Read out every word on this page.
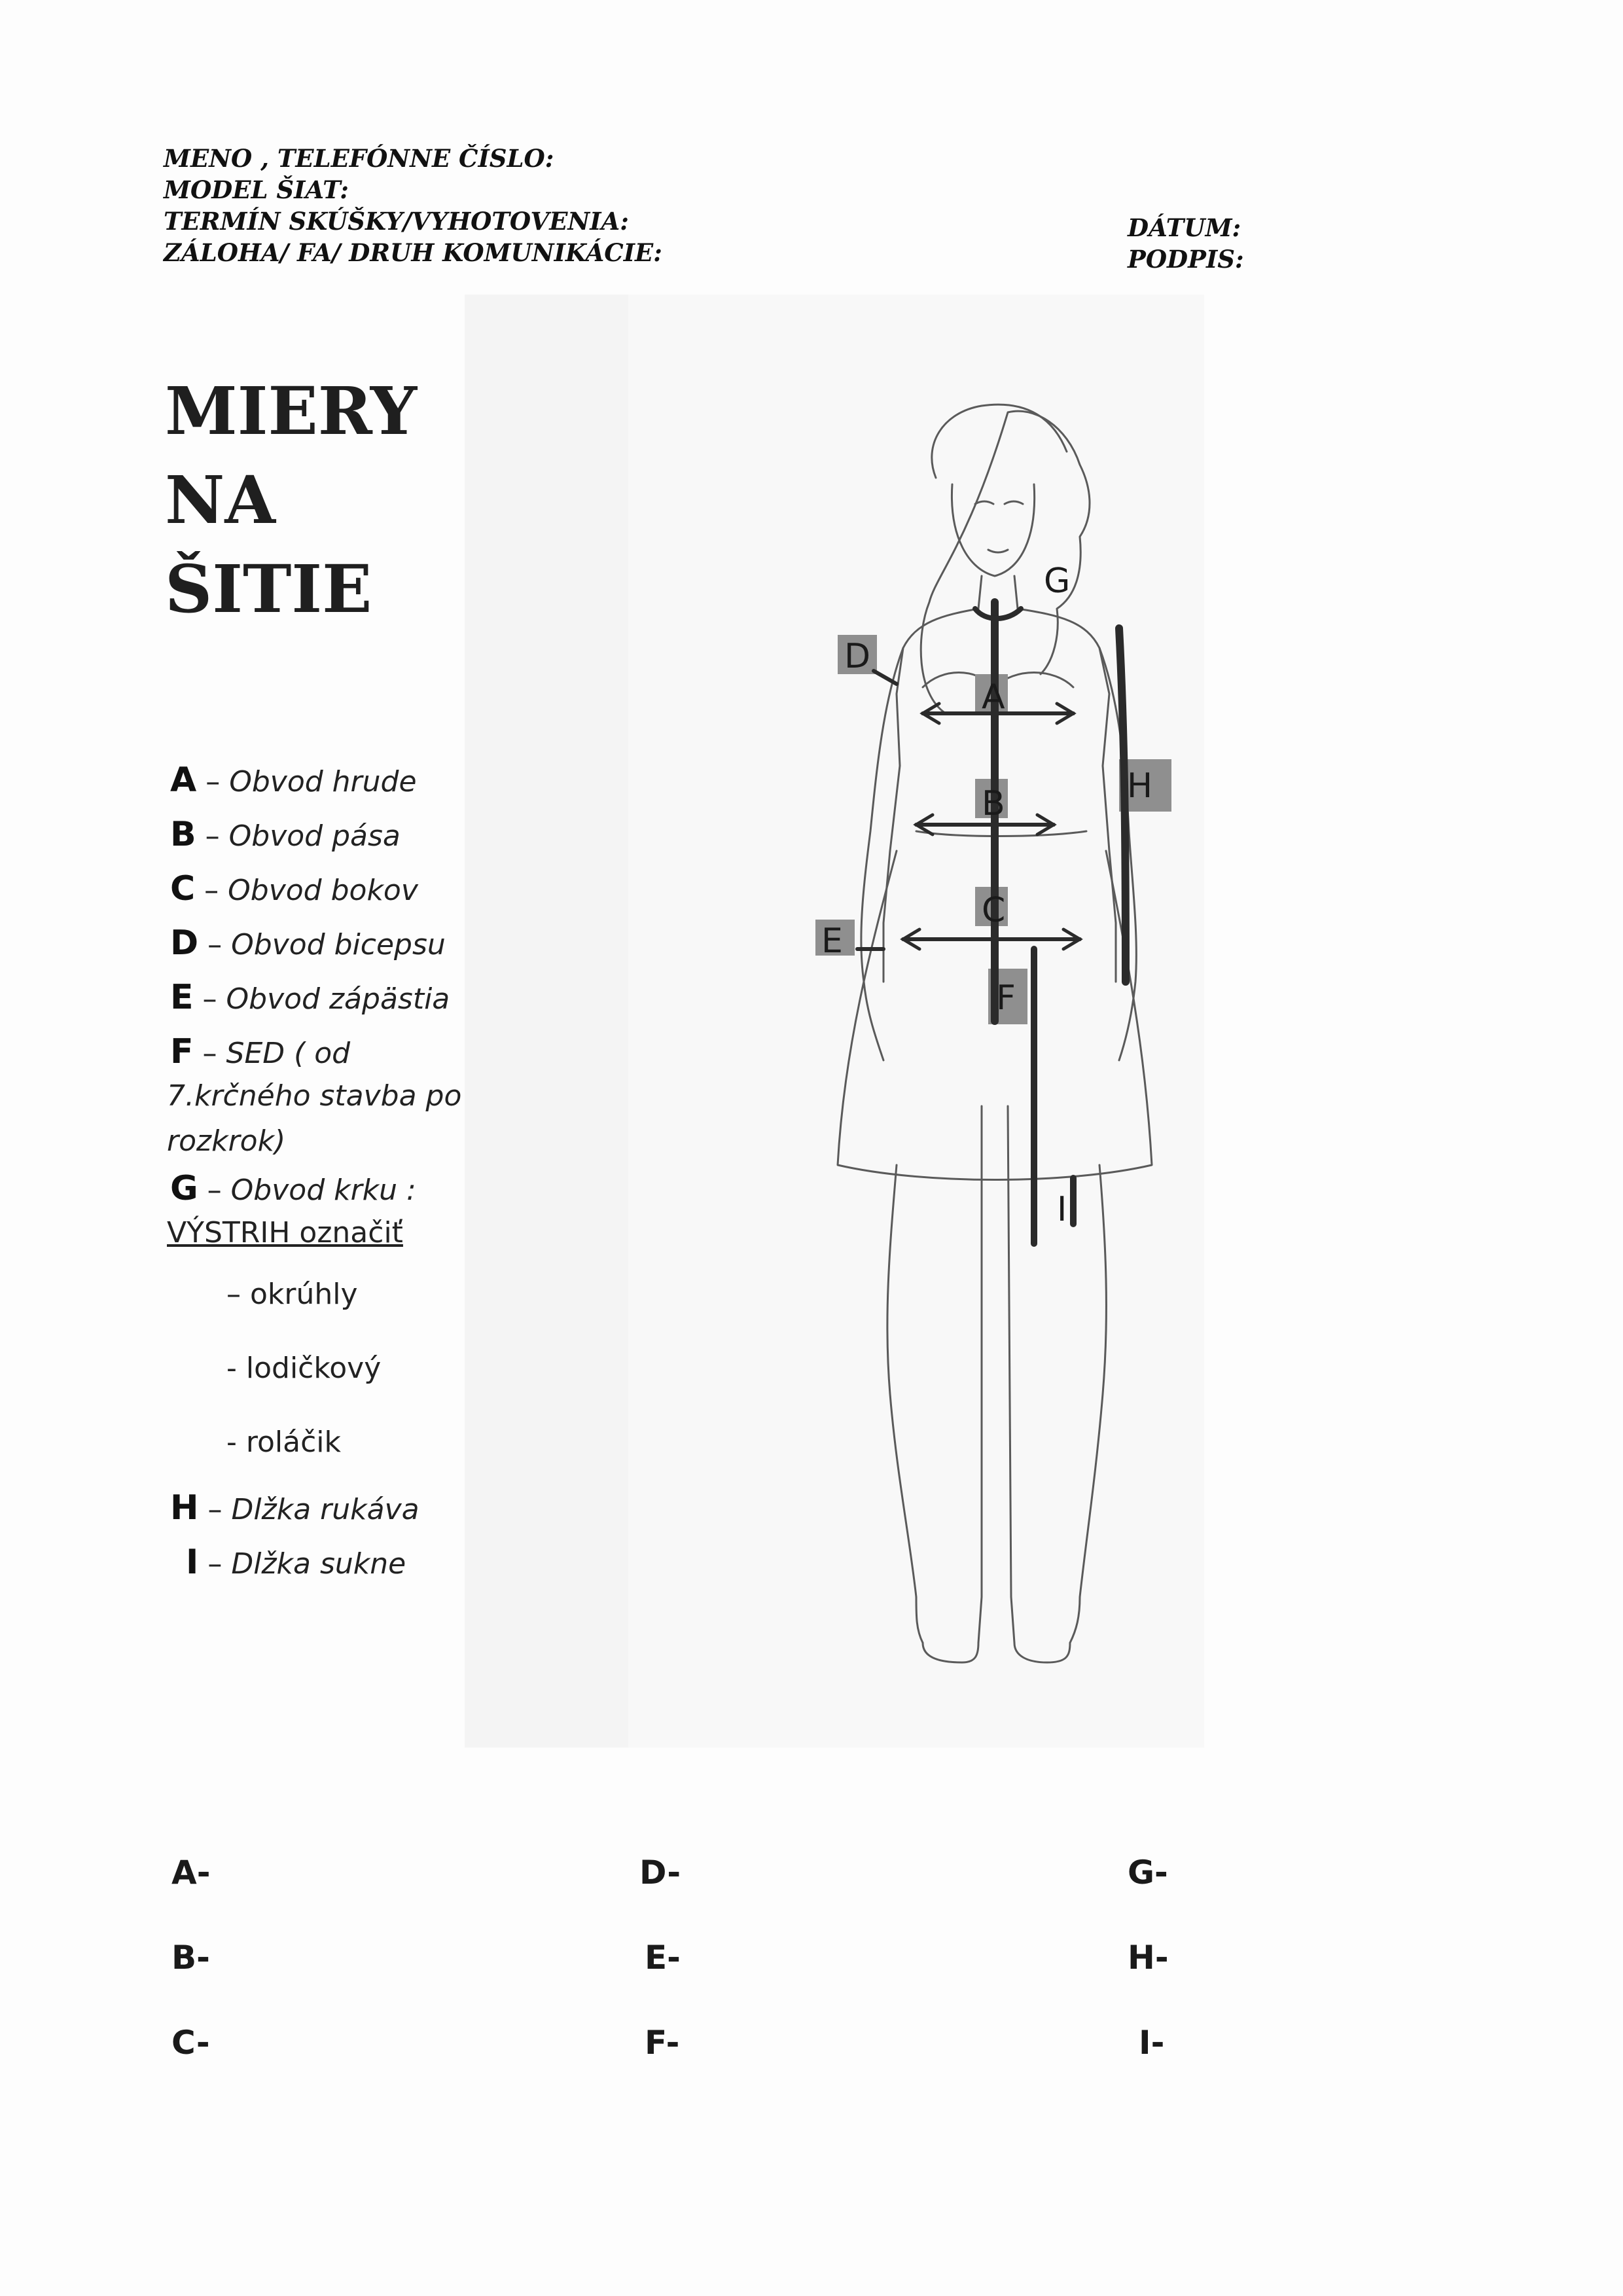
MENO , TELEFÓNNE ČÍSLO:
MODEL ŠIAT:
TERMÍN SKÚŠKY/VYHOTOVENIA:
ZÁLOHA/ FA/ DRUH KOMUNIKÁCIE:
DÁTUM:
PODPIS:
MIERY
NA
ŠITIE
A – Obvod hrude
B – Obvod pása
C – Obvod bokov
D – Obvod bicepsu
E – Obvod zápästia
F – SED ( od
7.krčného stavba po
rozkrok)
G – Obvod krku :
VÝSTRIH označiť
– okrúhly
- lodičkový
- roláčik
H – Dlžka rukáva
I – Dlžka sukne
D
A
B
C
E
F
G
H
I
A-
B-
C-
D-
E-
F-
G-
H-
I-
